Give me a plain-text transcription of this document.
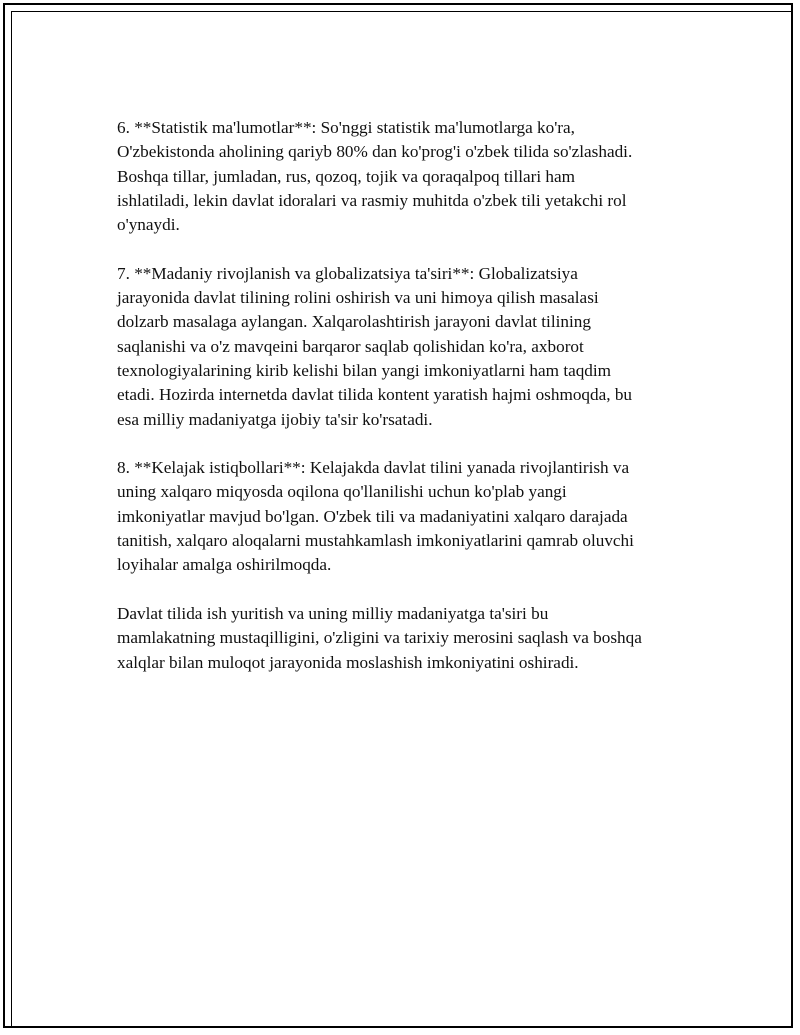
6. **Statistik ma'lumotlar**: So'nggi statistik ma'lumotlarga ko'ra,
O'zbekistonda aholining qariyb 80% dan ko'prog'i o'zbek tilida so'zlashadi.
Boshqa tillar, jumladan, rus, qozoq, tojik va qoraqalpoq tillari ham
ishlatiladi, lekin davlat idoralari va rasmiy muhitda o'zbek tili yetakchi rol
o'ynaydi.

7. **Madaniy rivojlanish va globalizatsiya ta'siri**: Globalizatsiya
jarayonida davlat tilining rolini oshirish va uni himoya qilish masalasi
dolzarb masalaga aylangan. Xalqarolashtirish jarayoni davlat tilining
saqlanishi va o'z mavqeini barqaror saqlab qolishidan ko'ra, axborot
texnologiyalarining kirib kelishi bilan yangi imkoniyatlarni ham taqdim
etadi. Hozirda internetda davlat tilida kontent yaratish hajmi oshmoqda, bu
esa milliy madaniyatga ijobiy ta'sir ko'rsatadi.

8. **Kelajak istiqbollari**: Kelajakda davlat tilini yanada rivojlantirish va
uning xalqaro miqyosda oqilona qo'llanilishi uchun ko'plab yangi
imkoniyatlar mavjud bo'lgan. O'zbek tili va madaniyatini xalqaro darajada
tanitish, xalqaro aloqalarni mustahkamlash imkoniyatlarini qamrab oluvchi
loyihalar amalga oshirilmoqda.

Davlat tilida ish yuritish va uning milliy madaniyatga ta'siri bu
mamlakatning mustaqilligini, o'zligini va tarixiy merosini saqlash va boshqa
xalqlar bilan muloqot jarayonida moslashish imkoniyatini oshiradi.
